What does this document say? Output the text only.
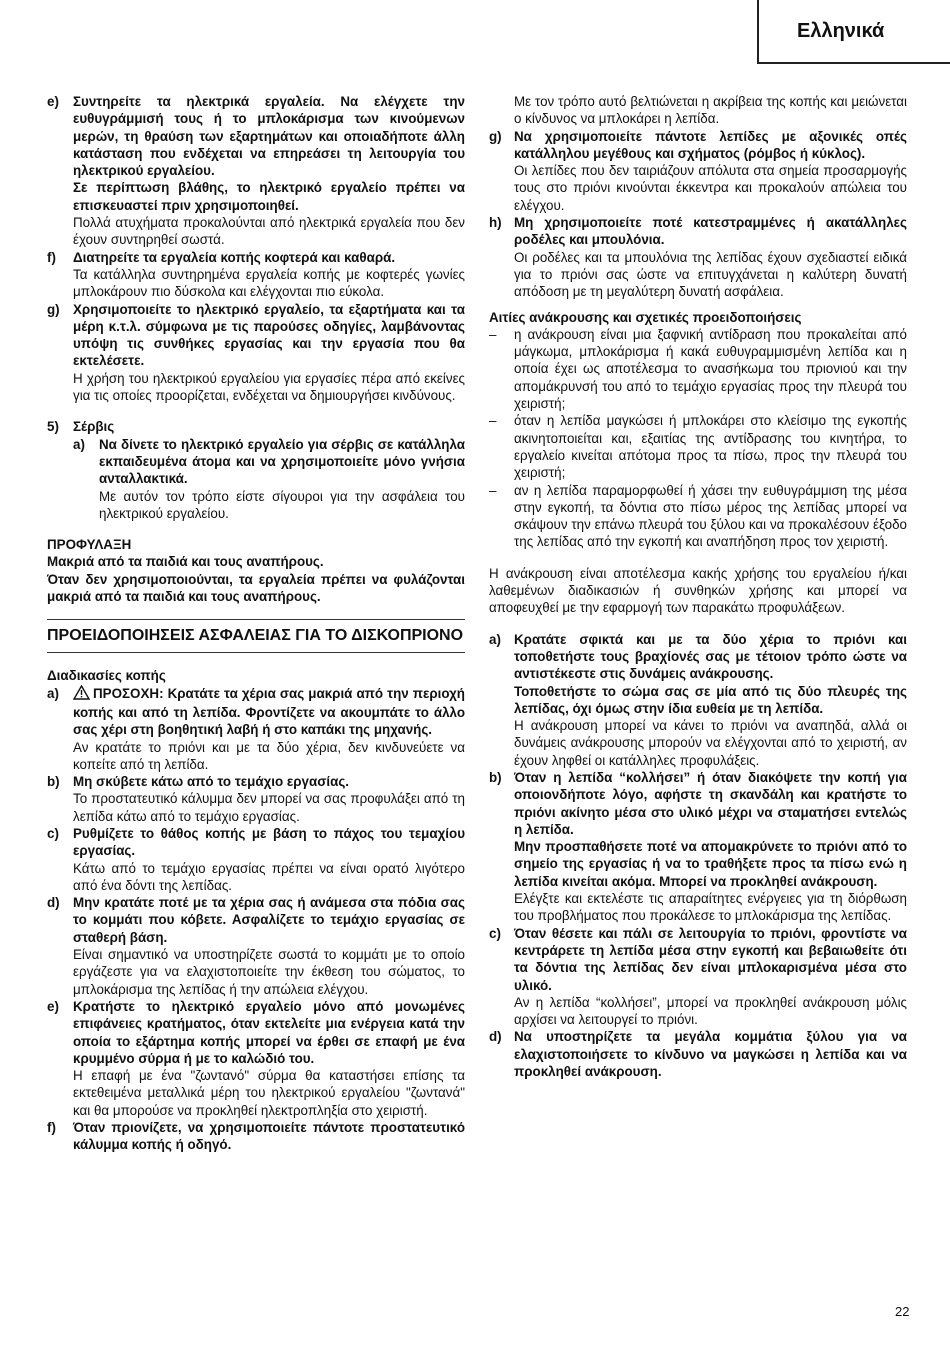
Ελληνικά
e) Συντηρείτε τα ηλεκτρικά εργαλεία. Να ελέγχετε την ευθυγράμμισή τους ή το μπλοκάρισμα των κινούμενων μερών, τη θραύση των εξαρτημάτων και οποιαδήποτε άλλη κατάσταση που ενδέχεται να επηρεάσει τη λειτουργία του ηλεκτρικού εργαλείου.

Σε περίπτωση βλάθης, το ηλεκτρικό εργαλείο πρέπει να επισκευαστεί πριν χρησιμοποιηθεί.

Πολλά ατυχήματα προκαλούνται από ηλεκτρικά εργαλεία που δεν έχουν συντηρηθεί σωστά.

f) Διατηρείτε τα εργαλεία κοπής κοφτερά και καθαρά.

Τα κατάλληλα συντηρημένα εργαλεία κοπής με κοφτερές γωνίες μπλοκάρουν πιο δύσκολα και ελέγχονται πιο εύκολα.

g) Χρησιμοποιείτε το ηλεκτρικό εργαλείο, τα εξαρτήματα και τα μέρη κ.τ.λ. σύμφωνα με τις παρούσες οδηγίες, λαμβάνοντας υπόψη τις συνθήκες εργασίας και την εργασία που θα εκτελέσετε.

Η χρήση του ηλεκτρικού εργαλείου για εργασίες πέρα από εκείνες για τις οποίες προορίζεται, ενδέχεται να δημιουργήσει κινδύνους.

5) Σέρβις

a) Να δίνετε το ηλεκτρικό εργαλείο για σέρβις σε κατάλληλα εκπαιδευμένα άτομα και να χρησιμοποιείτε μόνο γνήσια ανταλλακτικά.

Με αυτόν τον τρόπο είστε σίγουροι για την ασφάλεια του ηλεκτρικού εργαλείου.

ΠΡΟΦΥΛΑΞΗ

Μακριά από τα παιδιά και τους αναπήρους.

Όταν δεν χρησιμοποιούνται, τα εργαλεία πρέπει να φυλάζονται μακριά από τα παιδιά και τους αναπήρους.

ΠΡΟΕΙΔΟΠΟΙΗΣΕΙΣ ΑΣΦΑΛΕΙΑΣ ΓΙΑ ΤΟ ΔΙΣΚΟΠΡΙΟΝΟ

Διαδικασίες κοπής

a)	ΠΡΟΣΟΧΗ: Κρατάτε τα χέρια σας μακριά από την περιοχή κοπής και από τη λεπίδα. Φροντίζετε να ακουμπάτε το άλλο σας χέρι στη βοηθητική λαβή ή στο καπάκι της μηχανής.

Αν κρατάτε το πριόνι και με τα δύο χέρια, δεν κινδυνεύετε να κοπείτε από τη λεπίδα.

b) Μη σκύβετε κάτω από το τεμάχιο εργασίας.

Το προστατευτικό κάλυμμα δεν μπορεί να σας προφυλάξει από τη λεπίδα κάτω από το τεμάχιο εργασίας.

c) Ρυθμίζετε το θάθος κοπής με βάση το πάχος του τεμαχίου εργασίας.

Κάτω από το τεμάχιο εργασίας πρέπει να είναι ορατό λιγότερο από ένα δόντι της λεπίδας.

d) Μην κρατάτε ποτέ με τα χέρια σας ή ανάμεσα στα πόδια σας το κομμάτι που κόβετε. Ασφαλίζετε το τεμάχιο εργασίας σε σταθερή βάση.

Είναι σημαντικό να υποστηρίζετε σωστά το κομμάτι με το οποίο εργάζεστε για να ελαχιστοποιείτε την έκθεση του σώματος, το μπλοκάρισμα της λεπίδας ή την απώλεια ελέγχου.

e) Κρατήστε το ηλεκτρικό εργαλείο μόνο από μονωμένες επιφάνειες κρατήματος, όταν εκτελείτε μια ενέργεια κατά την οποία το εξάρτημα κοπής μπορεί να έρθει σε επαφή με ένα κρυμμένο σύρμα ή με το καλώδιό του.

Η επαφή με ένα "ζωντανό" σύρμα θα καταστήσει επίσης τα εκτεθειμένα μεταλλικά μέρη του ηλεκτρικού εργαλείου "ζωντανά" και θα μπορούσε να προκληθεί ηλεκτροπληξία στο χειριστή.

f) Όταν πριονίζετε, να χρησιμοποιείτε πάντοτε προστατευτικό κάλυμμα κοπής ή οδηγό.

Με τον τρόπο αυτό βελτιώνεται η ακρίβεια της κοπής και μειώνεται ο κίνδυνος να μπλοκάρει η λεπίδα.

g) Να χρησιμοποιείτε πάντοτε λεπίδες με αξονικές οπές κατάλληλου μεγέθους και σχήματος (ρόμβος ή κύκλος).

Οι λεπίδες που δεν ταιριάζουν απόλυτα στα σημεία προσαρμογής τους στο πριόνι κινούνται έκκεντρα και προκαλούν απώλεια του ελέγχου.

h) Μη χρησιμοποιείτε ποτέ κατεστραμμένες ή ακατάλληλες ροδέλες και μπουλόνια.

Οι ροδέλες και τα μπουλόνια της λεπίδας έχουν σχεδιαστεί ειδικά για το πριόνι σας ώστε να επιτυγχάνεται η καλύτερη δυνατή απόδοση με τη μεγαλύτερη δυνατή ασφάλεια.

Αιτίες ανάκρουσης και σχετικές προειδοποιήσεις

– η ανάκρουση είναι μια ξαφνική αντίδραση που προκαλείται από μάγκωμα, μπλοκάρισμα ή κακά ευθυγραμμισμένη λεπίδα και η οποία έχει ως αποτέλεσμα το ανασήκωμα του πριονιού και την απομάκρυνσή του από το τεμάχιο εργασίας προς την πλευρά του χειριστή;

– όταν η λεπίδα μαγκώσει ή μπλοκάρει στο κλείσιμο της εγκοπής ακινητοποιείται και, εξαιτίας της αντίδρασης του κινητήρα, το εργαλείο κινείται απότομα προς τα πίσω, προς την πλευρά του χειριστή;

– αν η λεπίδα παραμορφωθεί ή χάσει την ευθυγράμμιση της μέσα στην εγκοπή, τα δόντια στο πίσω μέρος της λεπίδας μπορεί να σκάψουν την επάνω πλευρά του ξύλου και να προκαλέσουν έξοδο της λεπίδας από την εγκοπή και αναπήδηση προς τον χειριστή.

Η ανάκρουση είναι αποτέλεσμα κακής χρήσης του εργαλείου ή/και λαθεμένων διαδικασιών ή συνθηκών χρήσης και μπορεί να αποφευχθεί με την εφαρμογή των παρακάτω προφυλάξεων.

a) Κρατάτε σφικτά και με τα δύο χέρια το πριόνι και τοποθετήστε τους βραχίονές σας με τέτοιον τρόπο ώστε να αντιστέκεστε στις δυνάμεις ανάκρουσης.

Τοποθετήστε το σώμα σας σε μία από τις δύο πλευρές της λεπίδας, όχι όμως στην ίδια ευθεία με τη λεπίδα.

Η ανάκρουση μπορεί να κάνει το πριόνι να αναπηδά, αλλά οι δυνάμεις ανάκρουσης μπορούν να ελέγχονται από το χειριστή, αν έχουν ληφθεί οι κατάλληλες προφυλάξεις.

b) Όταν η λεπίδα “κολλήσει” ή όταν διακόψετε την κοπή για οποιονδήποτε λόγο, αφήστε τη σκανδάλη και κρατήστε το πριόνι ακίνητο μέσα στο υλικό μέχρι να σταματήσει εντελώς η λεπίδα.

Μην προσπαθήσετε ποτέ να απομακρύνετε το πριόνι από το σημείο της εργασίας ή να το τραθήξετε προς τα πίσω ενώ η λεπίδα κινείται ακόμα. Μπορεί να προκληθεί ανάκρουση.

Ελέγξτε και εκτελέστε τις απαραίτητες ενέργειες για τη διόρθωση του προβλήματος που προκάλεσε το μπλοκάρισμα της λεπίδας.

c) Όταν θέσετε και πάλι σε λειτουργία το πριόνι, φροντίστε να κεντράρετε τη λεπίδα μέσα στην εγκοπή και βεβαιωθείτε ότι τα δόντια της λεπίδας δεν είναι μπλοκαρισμένα μέσα στο υλικό.

Αν η λεπίδα “κολλήσει”, μπορεί να προκληθεί ανάκρουση μόλις αρχίσει να λειτουργεί το πριόνι.

d) Να υποστηρίζετε τα μεγάλα κομμάτια ξύλου για να ελαχιστοποιήσετε το κίνδυνο να μαγκώσει η λεπίδα και να προκληθεί ανάκρουση.

22
